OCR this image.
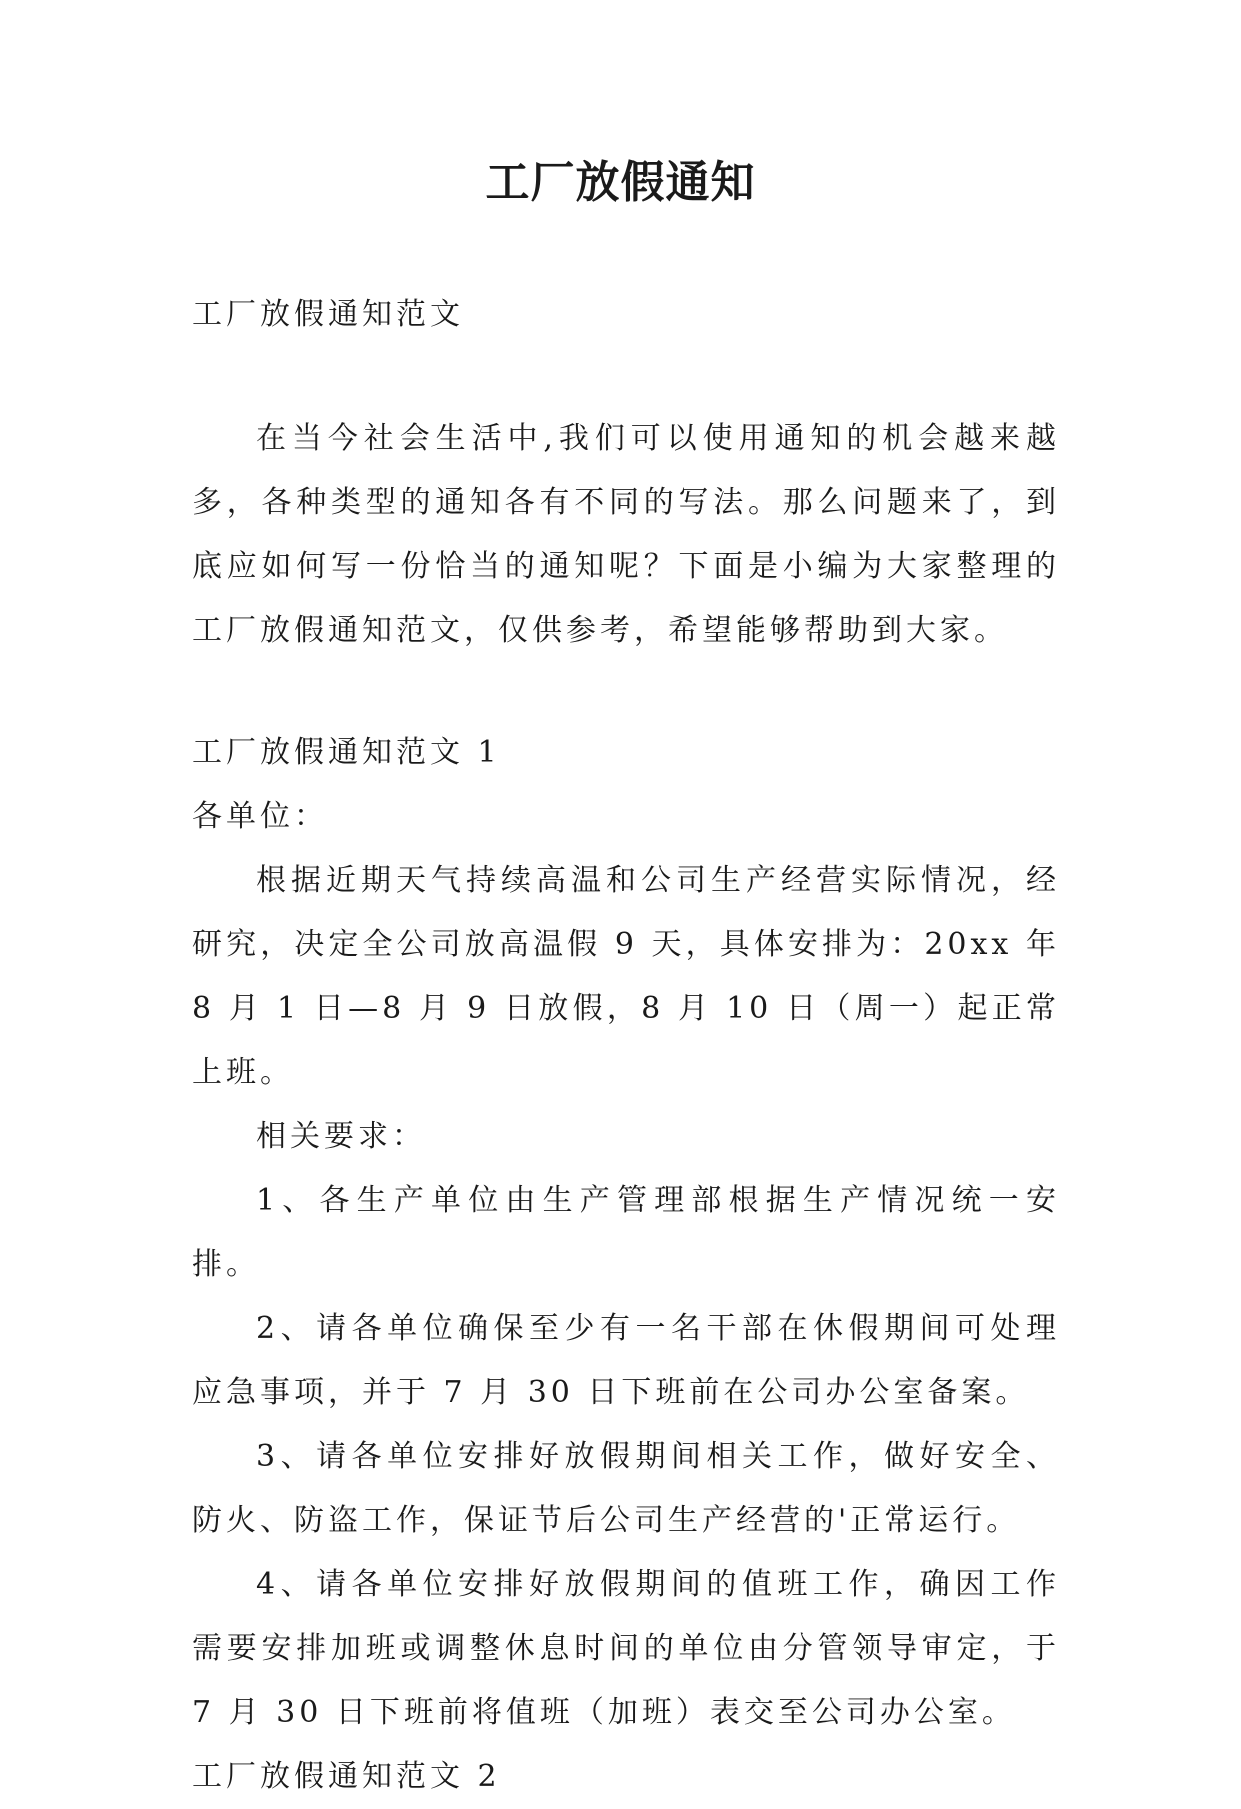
工厂放假通知

工厂放假通知范文

在当今社会生活中,我们可以使用通知的机会越来越多，各种类型的通知各有不同的写法。那么问题来了，到底应如何写一份恰当的通知呢？下面是小编为大家整理的工厂放假通知范文，仅供参考，希望能够帮助到大家。

工厂放假通知范文 1

各单位：

根据近期天气持续高温和公司生产经营实际情况，经研究，决定全公司放高温假 9 天，具体安排为：20xx 年 8 月 1 日—8 月 9 日放假，8 月 10 日（周一）起正常上班。

相关要求：

1、各生产单位由生产管理部根据生产情况统一安排。

2、请各单位确保至少有一名干部在休假期间可处理应急事项，并于 7 月 30 日下班前在公司办公室备案。

3、请各单位安排好放假期间相关工作，做好安全、防火、防盗工作，保证节后公司生产经营的'正常运行。

4、请各单位安排好放假期间的值班工作，确因工作需要安排加班或调整休息时间的单位由分管领导审定，于 7 月 30 日下班前将值班（加班）表交至公司办公室。

工厂放假通知范文 2
